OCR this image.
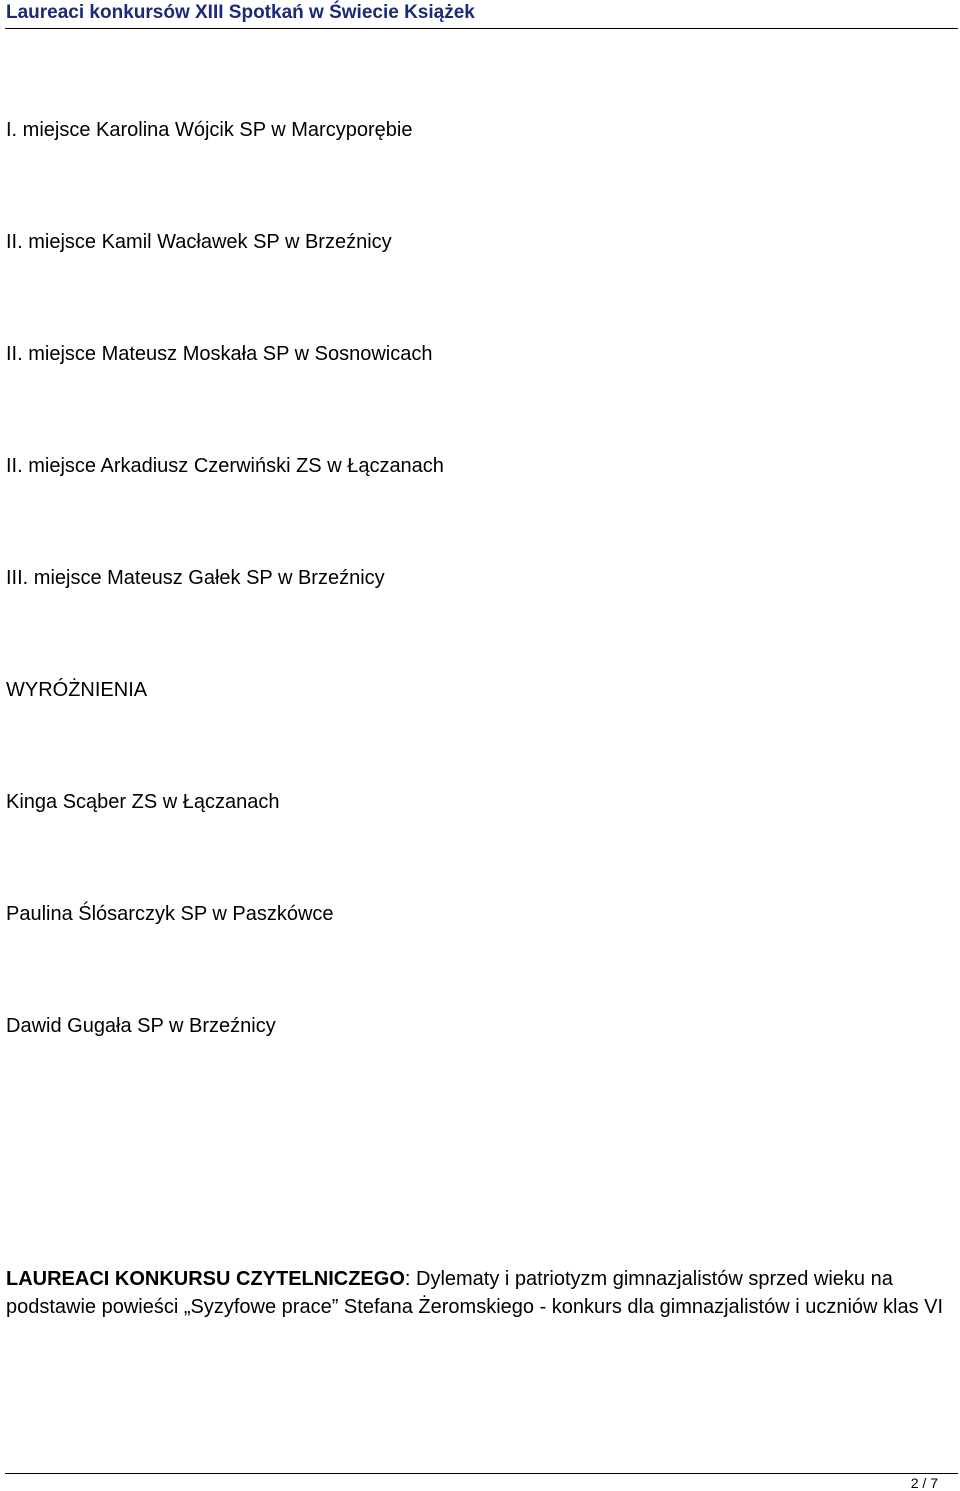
Laureaci konkursów XIII Spotkań w Świecie Książek
I. miejsce Karolina Wójcik SP w Marcyporębie
II. miejsce Kamil Wacławek SP w Brzeźnicy
II. miejsce Mateusz Moskała SP w Sosnowicach
II. miejsce Arkadiusz Czerwiński ZS w Łączanach
III. miejsce Mateusz Gałek SP w Brzeźnicy
WYRÓŻNIENIA
Kinga Scąber ZS w Łączanach
Paulina Ślósarczyk SP w Paszkówce
Dawid Gugała SP w Brzeźnicy
LAUREACI KONKURSU CZYTELNICZEGO: Dylematy i patriotyzm gimnazjalistów sprzed wieku na podstawie powieści „Syzyfowe prace” Stefana Żeromskiego - konkurs dla gimnazjalistów i uczniów klas VI
2 / 7
